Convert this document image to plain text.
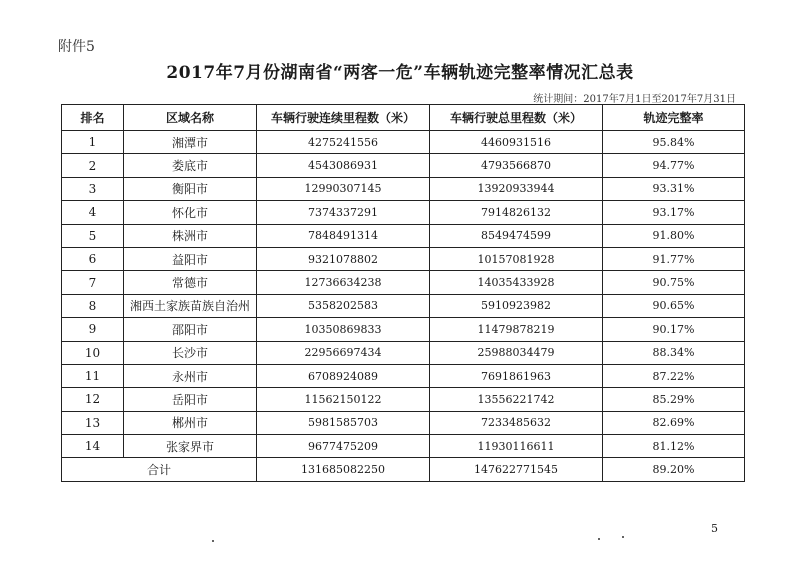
附件5
2017年7月份湖南省“两客一危”车辆轨迹完整率情况汇总表
统计期间：2017年7月1日至2017年7月31日
排名	区域名称	车辆行驶连续里程数（米）	车辆行驶总里程数（米）	轨迹完整率
1	湘潭市	4275241556	4460931516	95.84%
2	娄底市	4543086931	4793566870	94.77%
3	衡阳市	12990307145	13920933944	93.31%
4	怀化市	7374337291	7914826132	93.17%
5	株洲市	7848491314	8549474599	91.80%
6	益阳市	9321078802	10157081928	91.77%
7	常德市	12736634238	14035433928	90.75%
8	湘西土家族苗族自治州	5358202583	5910923982	90.65%
9	邵阳市	10350869833	11479878219	90.17%
10	长沙市	22956697434	25988034479	88.34%
11	永州市	6708924089	7691861963	87.22%
12	岳阳市	11562150122	13556221742	85.29%
13	郴州市	5981585703	7233485632	82.69%
14	张家界市	9677475209	11930116611	81.12%
合计		131685082250	147622771545	89.20%
5
